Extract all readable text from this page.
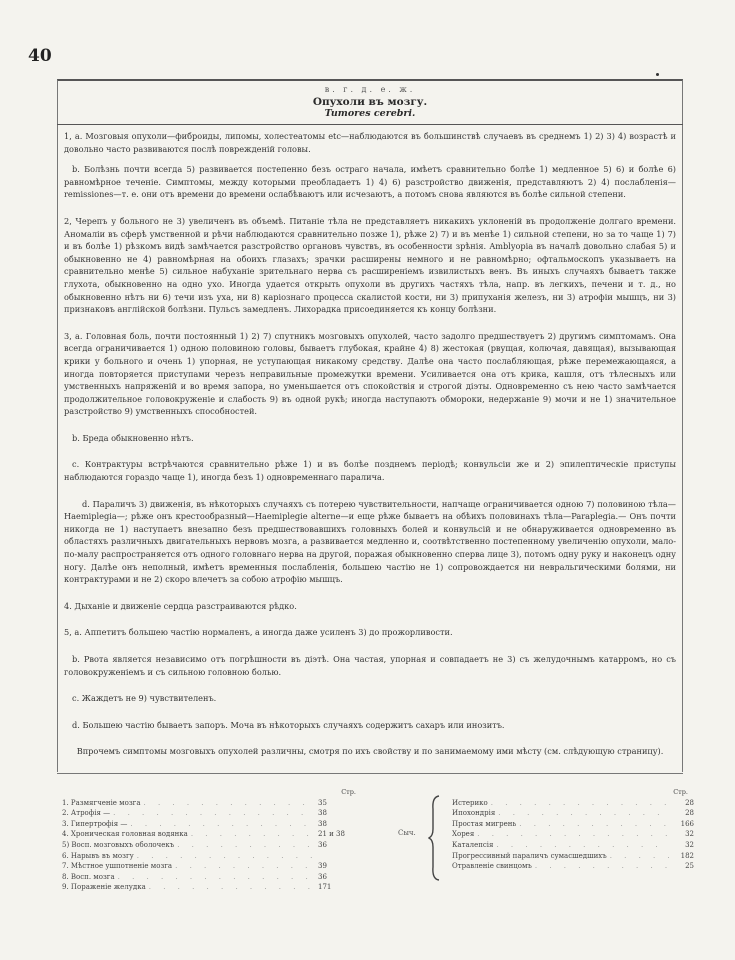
40
в. г. д. е. ж.
Опухоли въ мозгу.
Tumores cerebri.

1, a. Мозговыя опухоли—фиброиды, липомы, холестеатомы etc—наблюдаются въ большинствѣ случаевъ въ среднемъ 1) 2) 3) 4) возрастѣ и довольно часто развиваются послѣ поврежденій головы.

b. Болѣзнь почти всегда 5) развивается постепенно безъ остраго начала, имѣетъ сравнительно болѣе 1) медленное 5) 6) и болѣе 6) равномѣрное теченіе. Симптомы, между которыми преобладаетъ 1) 4) 6) разстройство движенія, представляютъ 2) 4) послабленія—remissiones—т. е. они отъ времени до времени ослабѣваютъ или исчезаютъ, а потомъ снова являются въ болѣе сильной степени.

2, Черепъ у больного не 3) увеличенъ въ объемѣ. Питаніе тѣла не представляетъ никакихъ уклоненій въ продолженіе долгаго времени. Аномаліи въ сферѣ умственной и рѣчи наблюдаются сравнительно позже 1), рѣже 2) 7) и въ менѣе 1) сильной степени, но за то чаще 1) 7) и въ болѣе 1) рѣзкомъ видѣ замѣчается разстройство органовъ чувствъ, въ особенности зрѣнія. Amblyopia въ началѣ довольно слабая 5) и обыкновенно не 4) равномѣрная на обоихъ глазахъ; зрачки расширены немного и не равномѣрно; офтальмоскопъ указываетъ на сравнительно менѣе 5) сильное набуханіе зрительнаго нерва съ расширеніемъ извилистыхъ венъ. Въ иныхъ случаяхъ бываетъ также глухота, обыкновенно на одно ухо. Иногда удается открыть опухоли въ другихъ частяхъ тѣла, напр. въ легкихъ, печени и т. д., но обыкновенно нѣтъ ни 6) течи изъ уха, ни 8) каріознаго процесса скалистой кости, ни 3) припуханія железъ, ни 3) атрофіи мышцъ, ни 3) признаковъ англійской болѣзни. Пульсъ замедленъ. Лихорадка присоединяется къ концу болѣзни.

3, a. Головная боль, почти постоянный 1) 2) 7) спутникъ мозговыхъ опухолей, часто задолго предшествуетъ 2) другимъ симптомамъ. Она всегда ограничивается 1) одною половиною головы, бываетъ глубокая, крайне 4) 8) жестокая (рвущая, колючая, давящая), вызывающая крики у больного и очень 1) упорная, не уступающая никакому средству. Далѣе она часто послабляющая, рѣже перемежающаяся, а иногда повторяется приступами черезъ неправильные промежутки времени. Усиливается она отъ крика, кашля, отъ тѣлесныхъ или умственныхъ напряженій и во время запора, но уменьшается отъ спокойствія и строгой діэты. Одновременно съ нею часто замѣчается продолжительное головокруженіе и слабость 9) въ одной рукѣ; иногда наступаютъ обмороки, недержаніе 9) мочи и не 1) значительное разстройство 9) умственныхъ способностей.

b. Бреда обыкновенно нѣтъ.

c. Контрактуры встрѣчаются сравнительно рѣже 1) и въ болѣе позднемъ періодѣ; конвульсіи же и 2) эпилептическіе приступы наблюдаются гораздо чаще 1), иногда безъ 1) одновременнаго паралича.

d. Параличъ 3) движенія, въ нѣкоторыхъ случаяхъ съ потерею чувствительности, напчаще ограничивается одною 7) половиною тѣла—Haemiplegia—; рѣже онъ крестообразный—Haemiplegie alterne—и еще рѣже бываетъ на обѣихъ половинахъ тѣла—Paraplegia.— Онъ почти никогда не 1) наступаетъ внезапно безъ предшествовавшихъ головныхъ болей и конвульсій и не обнаруживается одновременно въ областяхъ различныхъ двигательныхъ нервовъ мозга, а развивается медленно и, соотвѣтственно постепенному увеличенію опухоли, мало-по-малу распространяется отъ одного головнаго нерва на другой, поражая обыкновенно сперва лице 3), потомъ одну руку и наконецъ одну ногу. Далѣе онъ неполный, имѣетъ временныя послабленія, большею частію не 1) сопровождается ни невральгическими болями, ни контрактурами и не 2) скоро влечетъ за собою атрофію мышцъ.

4. Дыханіе и движеніе сердца разстраиваются рѣдко.

5, a. Аппетитъ большею частію нормаленъ, а иногда даже усиленъ 3) до прожорливости.

b. Рвота является независимо отъ погрѣшности въ діэтѣ. Она частая, упорная и совпадаетъ не 3) съ желудочнымъ катарромъ, но съ головокруженіемъ и съ сильною головною болью.

c. Жаждетъ не 9) чувствителенъ.

d. Большею частію бываетъ запоръ. Моча въ нѣкоторыхъ случаяхъ содержитъ сахаръ или инозитъ.

Впрочемъ симптомы мозговыхъ опухолей различны, смотря по ихъ свойству и по занимаемому ими мѣсту (см. слѣдующую страницу).

Стр.
1. Размягченіе мозга . . .	35
2. Атрофія — . . .	38
3. Гипертрофія — . . .	38
4. Хроническая головная водянка . . .	21 и 38
5) Восп. мозговыхъ оболочекъ . . .	36
6. Нарывъ въ мозгу
. . .
7. Мѣстное ушпотненіе мозга . . .	39
8. Восп. мозга . . .	36
9. Пораженіе желудка . . .	171
Сыч.
Стр.
Истерико . . .	28
Ипохондрія . . .	28
Простая мигрень . . .	166
Хорея . . .	32
Каталепсія . . .	32
Прогрессивный параличъ сумасшедшихъ . . .	182
Отравленіе свинцомъ . . .	25
